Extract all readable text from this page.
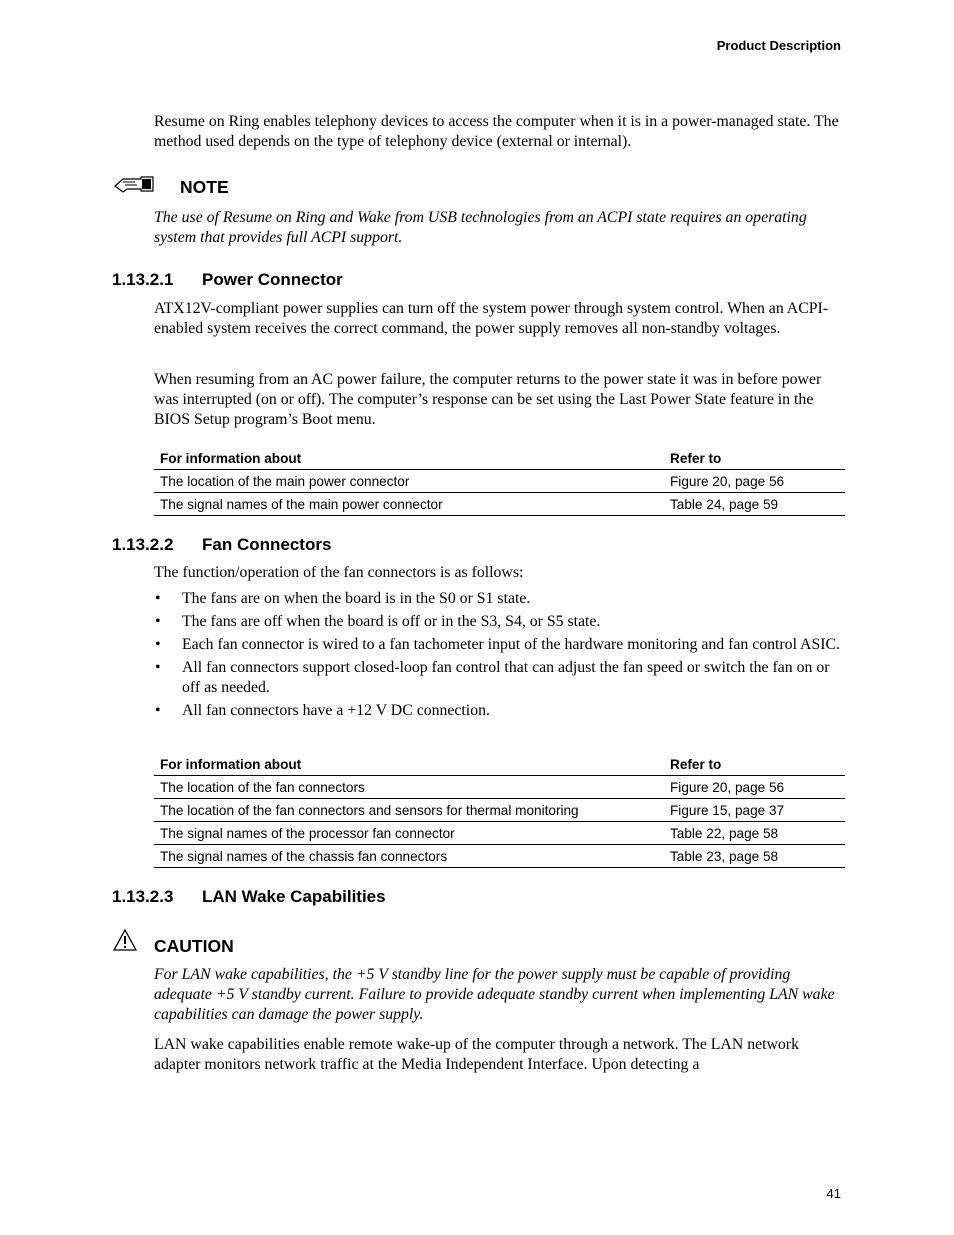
Product Description

Resume on Ring enables telephony devices to access the computer when it is in a power-managed state. The method used depends on the type of telephony device (external or internal).

NOTE

The use of Resume on Ring and Wake from USB technologies from an ACPI state requires an operating system that provides full ACPI support.

1.13.2.1 Power Connector

ATX12V-compliant power supplies can turn off the system power through system control. When an ACPI-enabled system receives the correct command, the power supply removes all non-standby voltages.

When resuming from an AC power failure, the computer returns to the power state it was in before power was interrupted (on or off). The computer’s response can be set using the Last Power State feature in the BIOS Setup program’s Boot menu.

For information about	Refer to
The location of the main power connector	Figure 20, page 56
The signal names of the main power connector	Table 24, page 59
1.13.2.2 Fan Connectors

The function/operation of the fan connectors is as follows:

• The fans are on when the board is in the S0 or S1 state.
• The fans are off when the board is off or in the S3, S4, or S5 state.
• Each fan connector is wired to a fan tachometer input of the hardware monitoring and fan control ASIC.
• All fan connectors support closed-loop fan control that can adjust the fan speed or switch the fan on or off as needed.
• All fan connectors have a +12 V DC connection.
For information about	Refer to
The location of the fan connectors	Figure 20, page 56
The location of the fan connectors and sensors for thermal monitoring	Figure 15, page 37
The signal names of the processor fan connector	Table 22, page 58
The signal names of the chassis fan connectors	Table 23, page 58
1.13.2.3 LAN Wake Capabilities
CAUTION

For LAN wake capabilities, the +5 V standby line for the power supply must be capable of providing adequate +5 V standby current. Failure to provide adequate standby current when implementing LAN wake capabilities can damage the power supply.

LAN wake capabilities enable remote wake-up of the computer through a network. The LAN network adapter monitors network traffic at the Media Independent Interface. Upon detecting a

41
